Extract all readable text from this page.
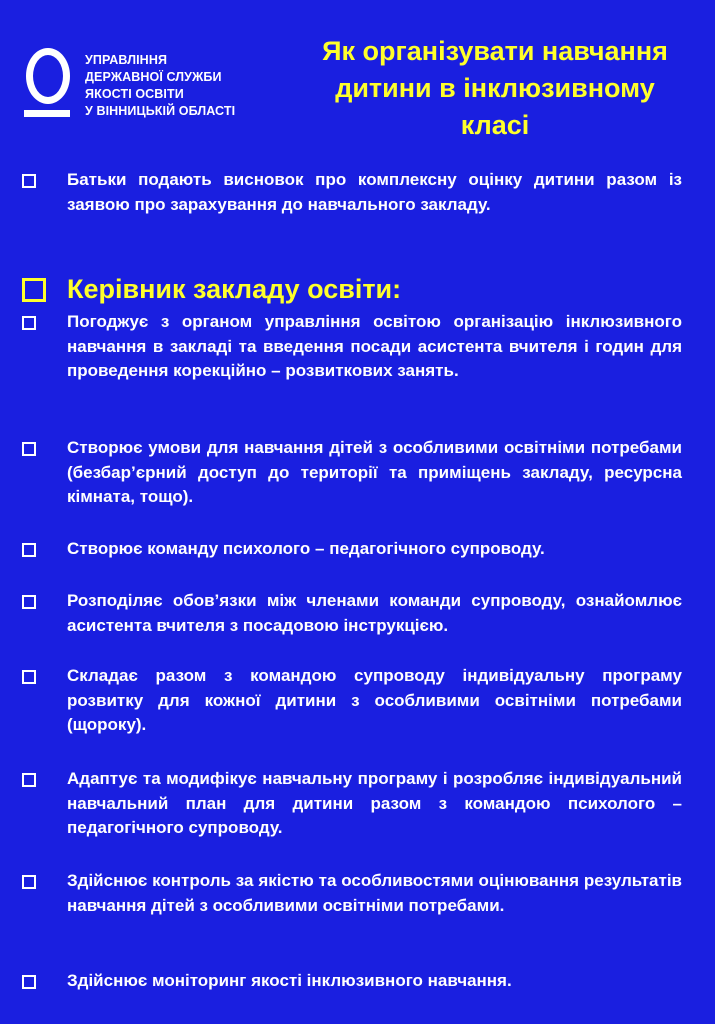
УПРАВЛІННЯ
ДЕРЖАВНОЇ СЛУЖБИ
ЯКОСТІ ОСВІТИ
У ВІННИЦЬКІЙ ОБЛАСТІ
Як організувати навчання дитини в інклюзивному класі
Батьки подають висновок про комплексну оцінку дитини разом із заявою про зарахування до навчального закладу.
Керівник закладу освіти:
Погоджує з органом управління освітою організацію інклюзивного навчання в закладі та введення посади асистента вчителя і годин для проведення корекційно – розвиткових занять.
Створює умови для навчання дітей з особливими освітніми потребами (безбар’єрний доступ до території та приміщень закладу, ресурсна кімната, тощо).
Створює команду психолого – педагогічного супроводу.
Розподіляє обов’язки між членами команди супроводу, ознайомлює асистента вчителя з посадовою інструкцією.
Складає разом з командою супроводу індивідуальну програму розвитку для кожної дитини з особливими освітніми потребами (щороку).
Адаптує та модифікує навчальну програму і розробляє індивідуальний навчальний план для дитини разом з командою психолого – педагогічного супроводу.
Здійснює контроль за якістю та особливостями оцінювання результатів навчання дітей з особливими освітніми потребами.
Здійснює моніторинг якості інклюзивного навчання.
